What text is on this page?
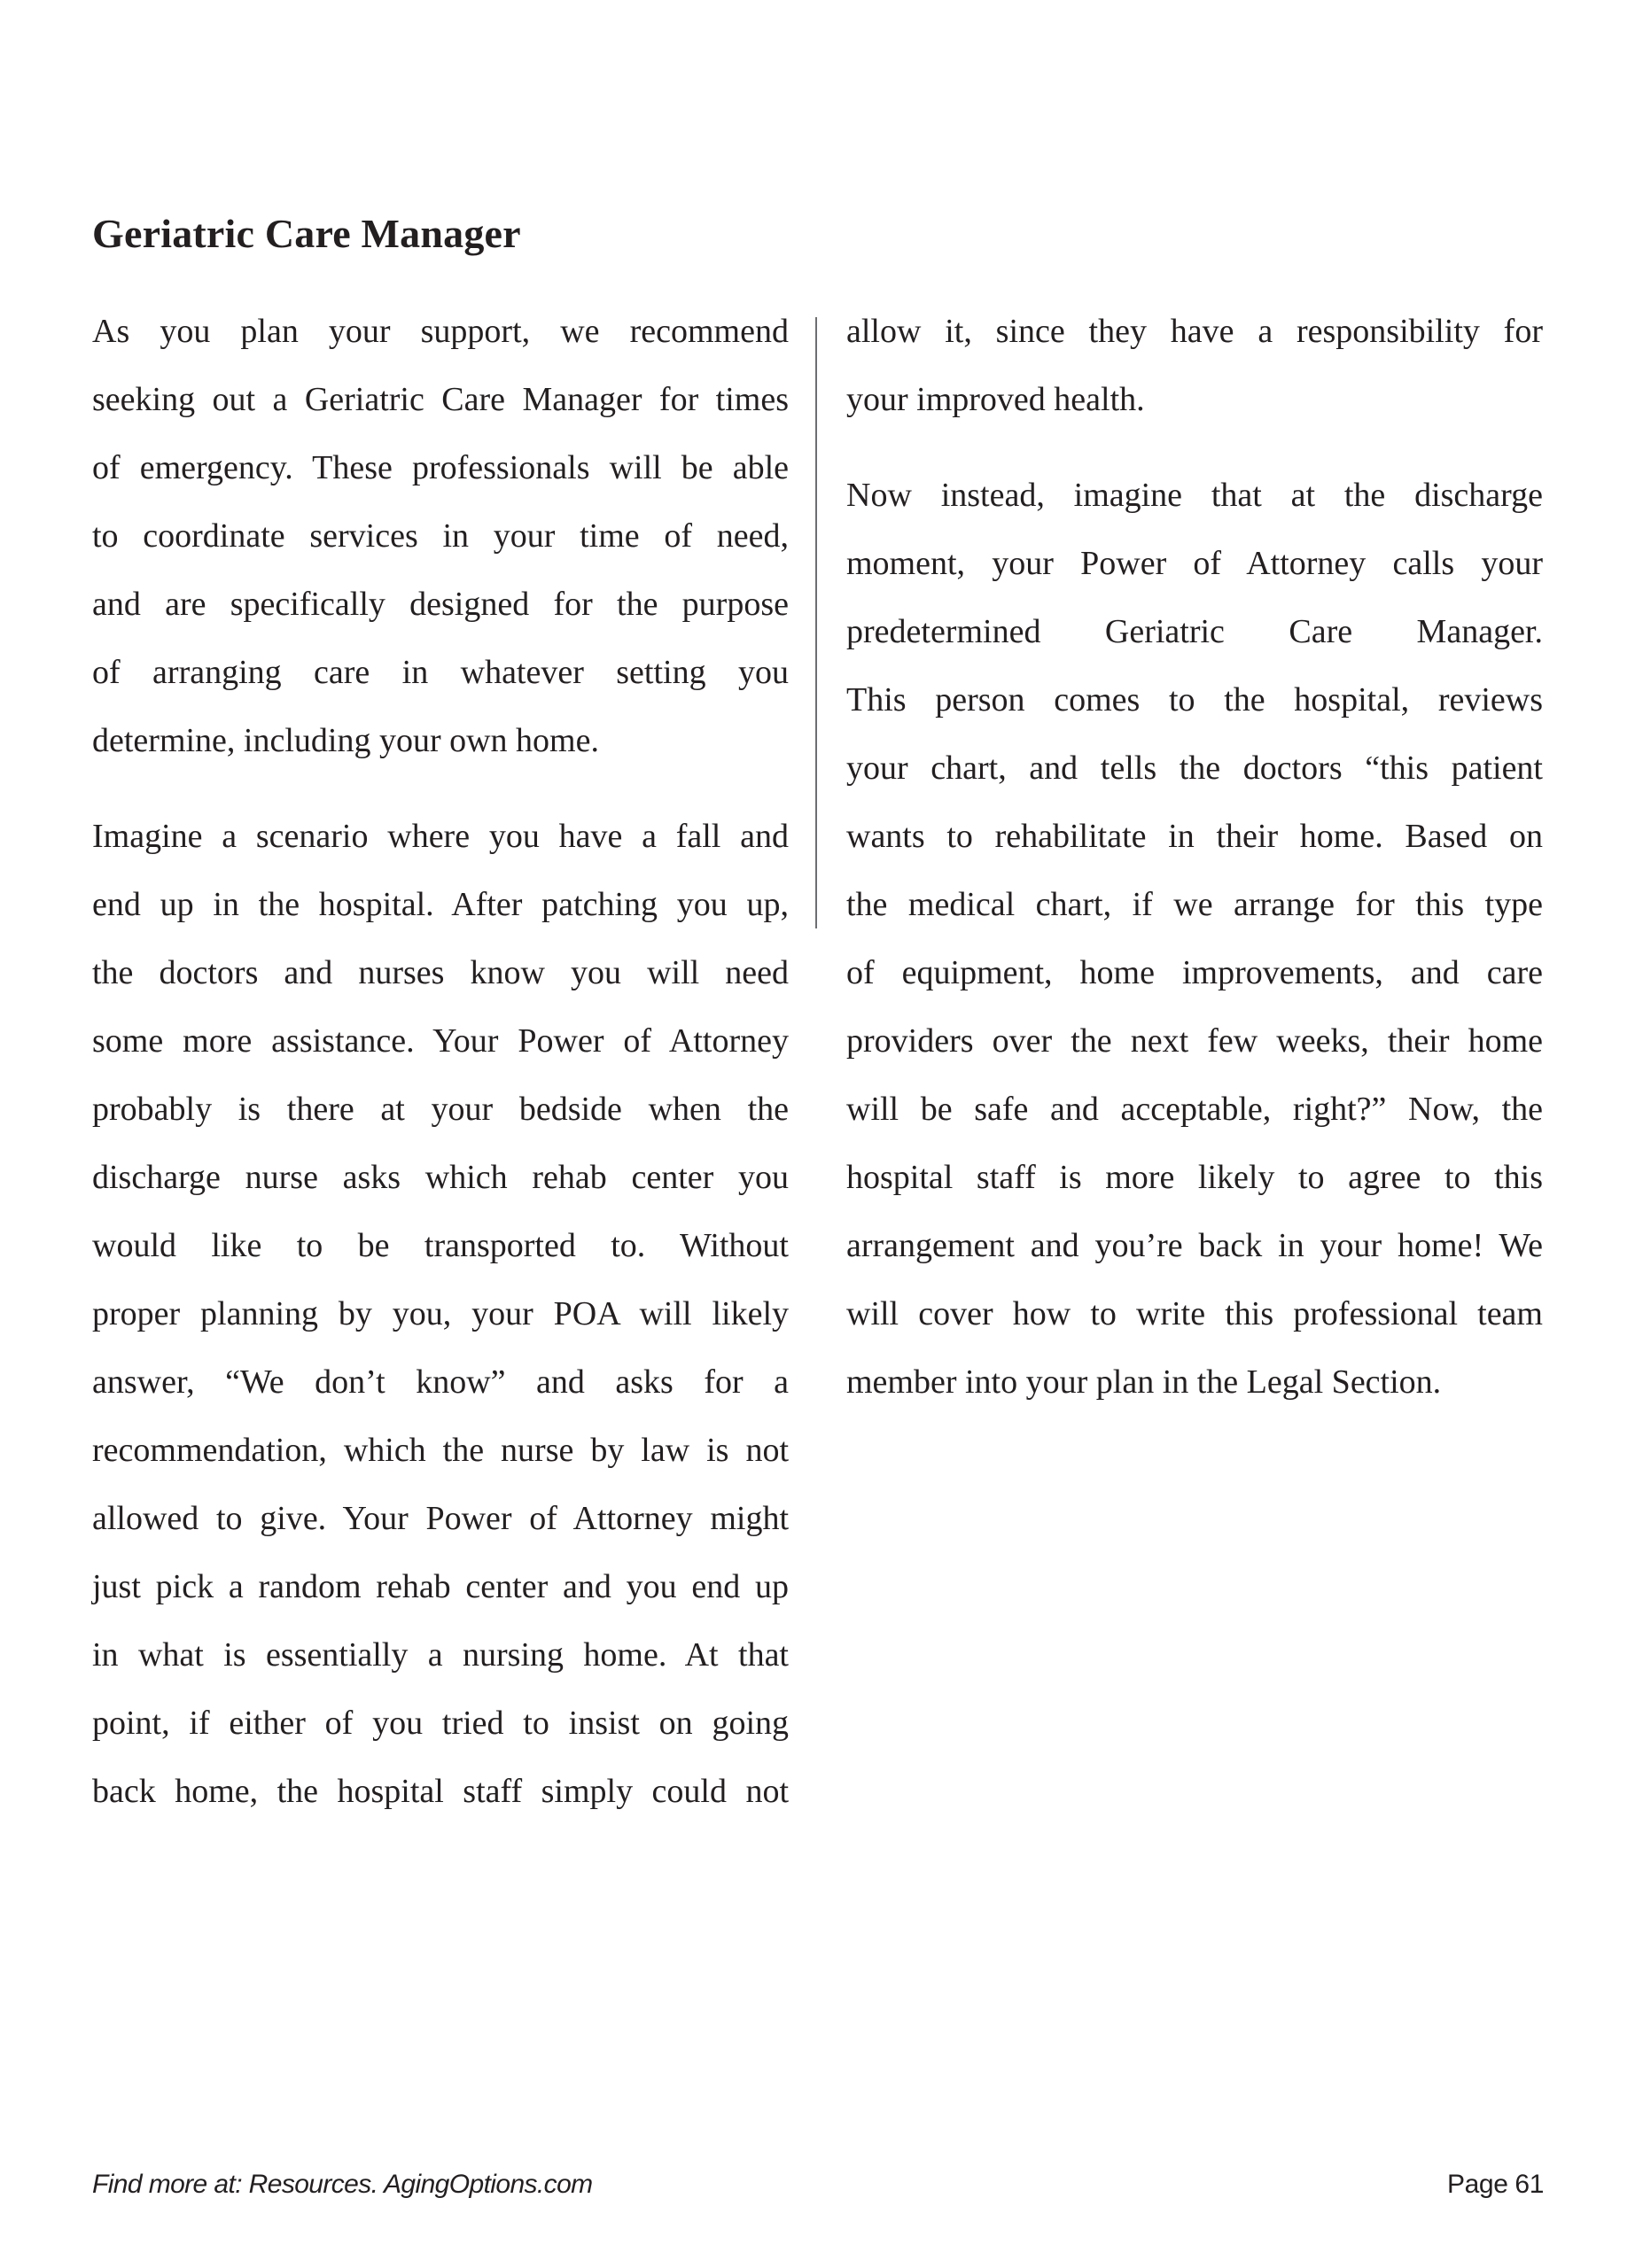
Geriatric Care Manager

As you plan your support, we recommend
seeking out a Geriatric Care Manager for times
of emergency. These professionals will be able
to coordinate services in your time of need,
and are specifically designed for the purpose
of arranging care in whatever setting you
determine, including your own home.

Imagine a scenario where you have a fall and
end up in the hospital. After patching you up,
the doctors and nurses know you will need
some more assistance. Your Power of Attorney
probably is there at your bedside when the
discharge nurse asks which rehab center you
would like to be transported to. Without
proper planning by you, your POA will likely
answer, “We don’t know” and asks for a
recommendation, which the nurse by law is not
allowed to give. Your Power of Attorney might
just pick a random rehab center and you end up
in what is essentially a nursing home. At that
point, if either of you tried to insist on going
back home, the hospital staff simply could not

allow it, since they have a responsibility for
your improved health.

Now instead, imagine that at the discharge
moment, your Power of Attorney calls your
predetermined Geriatric Care Manager.
This person comes to the hospital, reviews
your chart, and tells the doctors “this patient
wants to rehabilitate in their home. Based on
the medical chart, if we arrange for this type
of equipment, home improvements, and care
providers over the next few weeks, their home
will be safe and acceptable, right?” Now, the
hospital staff is more likely to agree to this
arrangement and you’re back in your home! We
will cover how to write this professional team
member into your plan in the Legal Section.

Find more at: Resources. AgingOptions.com	Page 61
